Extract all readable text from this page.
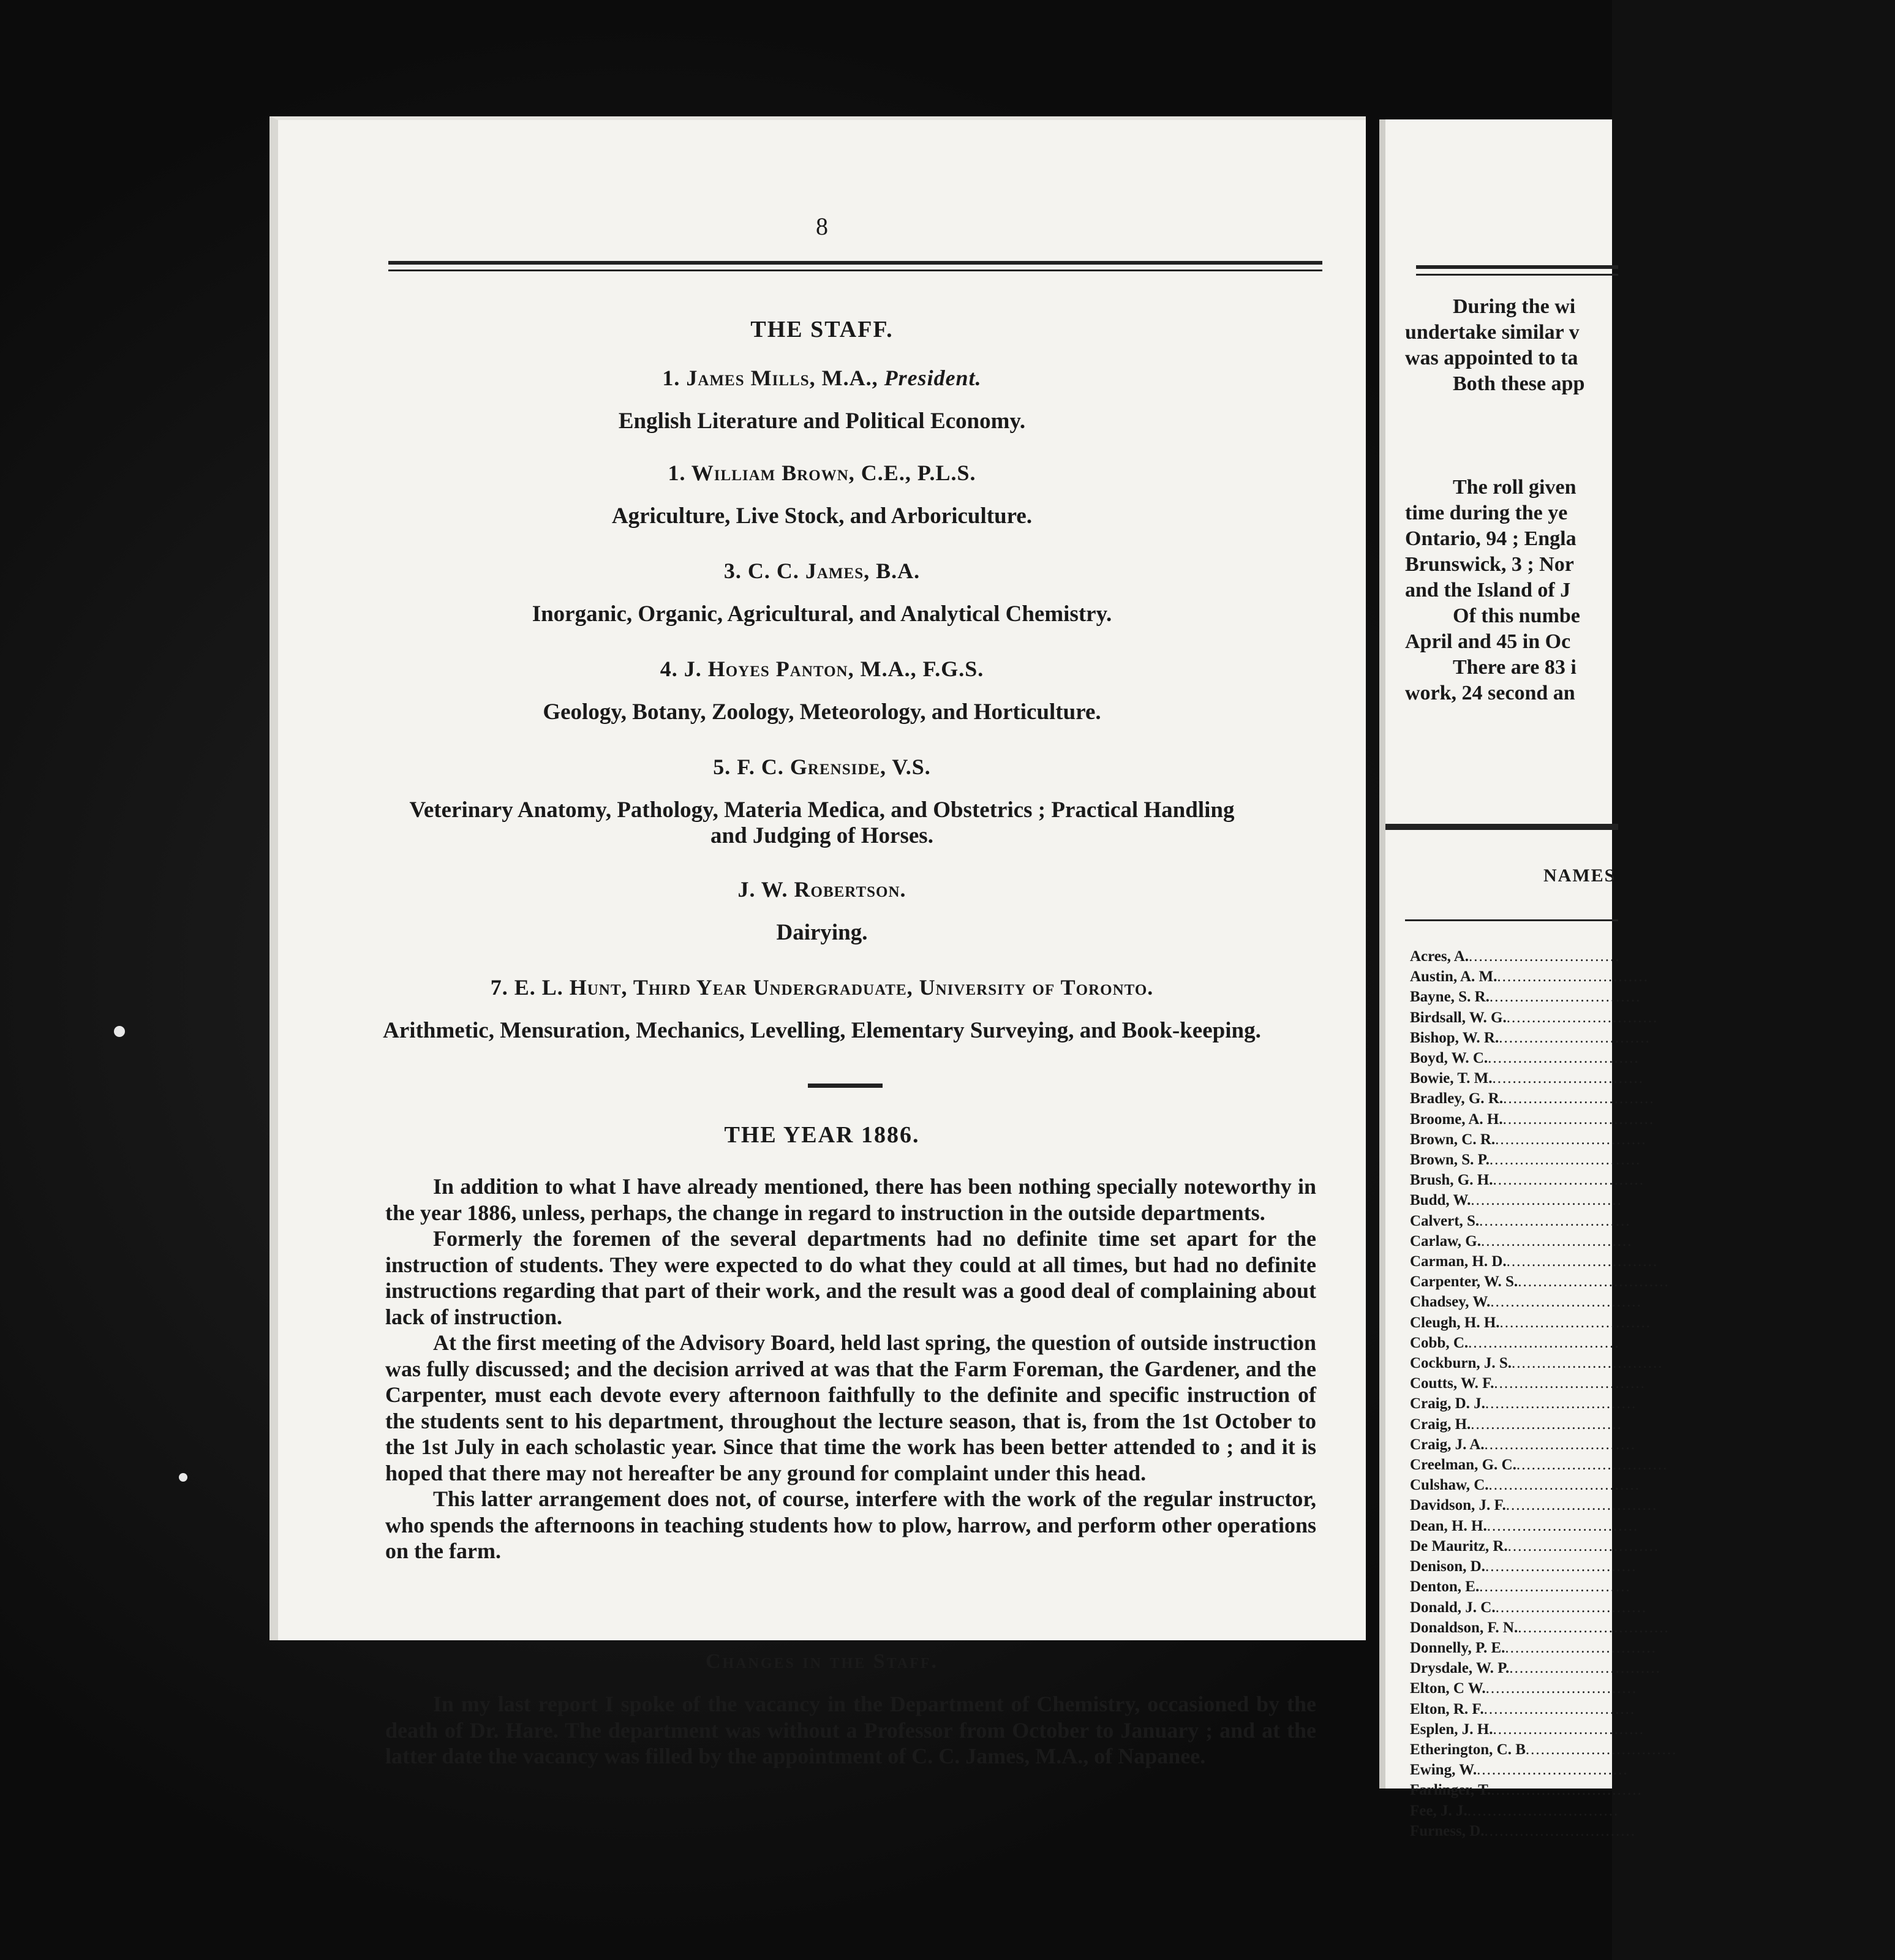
8
THE STAFF.
1. James Mills, M.A., President.
English Literature and Political Economy.
1. William Brown, C.E., P.L.S.
Agriculture, Live Stock, and Arboriculture.
3. C. C. James, B.A.
Inorganic, Organic, Agricultural, and Analytical Chemistry.
4. J. Hoyes Panton, M.A., F.G.S.
Geology, Botany, Zoology, Meteorology, and Horticulture.
5. F. C. Grenside, V.S.
Veterinary Anatomy, Pathology, Materia Medica, and Obstetrics ; Practical Handling
and Judging of Horses.
J. W. Robertson.
Dairying.
7. E. L. Hunt, Third Year Undergraduate, University of Toronto.
Arithmetic, Mensuration, Mechanics, Levelling, Elementary Surveying, and Book-keeping.
THE YEAR 1886.

In addition to what I have already mentioned, there has been nothing specially noteworthy in the year 1886, unless, perhaps, the change in regard to instruction in the outside departments.

Formerly the foremen of the several departments had no definite time set apart for the instruction of students. They were expected to do what they could at all times, but had no definite instructions regarding that part of their work, and the result was a good deal of complaining about lack of instruction.

At the first meeting of the Advisory Board, held last spring, the question of outside instruction was fully discussed; and the decision arrived at was that the Farm Foreman, the Gardener, and the Carpenter, must each devote every afternoon faithfully to the definite and specific instruction of the students sent to his department, throughout the lecture season, that is, from the 1st October to the 1st July in each scholastic year. Since that time the work has been better attended to ; and it is hoped that there may not hereafter be any ground for complaint under this head.

This latter arrangement does not, of course, interfere with the work of the regular instructor, who spends the afternoons in teaching students how to plow, harrow, and perform other operations on the farm.

Changes in the Staff.

In my last report I spoke of the vacancy in the Department of Chemistry, occasioned by the death of Dr. Hare. The department was without a Professor from October to January ; and at the latter date the vacancy was filled by the appointment of C. C. James, M.A., of Napanee.

During the wi

undertake similar v

was appointed to ta

Both these app

The roll given

time during the ye

Ontario, 94 ; Engla

Brunswick, 3 ; Nor

and the Island of J

Of this numbe

April and 45 in Oc

There are 83 i

work, 24 second an

NAMES
Acres, A...............................
Austin, A. M...............................
Bayne, S. R...............................
Birdsall, W. G...............................
Bishop, W. R...............................
Boyd, W. C...............................
Bowie, T. M...............................
Bradley, G. R...............................
Broome, A. H...............................
Brown, C. R...............................
Brown, S. P...............................
Brush, G. H...............................
Budd, W...............................
Calvert, S...............................
Carlaw, G...............................
Carman, H. D...............................
Carpenter, W. S...............................
Chadsey, W...............................
Cleugh, H. H...............................
Cobb, C...............................
Cockburn, J. S...............................
Coutts, W. F...............................
Craig, D. J...............................
Craig, H...............................
Craig, J. A...............................
Creelman, G. C...............................
Culshaw, C...............................
Davidson, J. F...............................
Dean, H. H...............................
De Mauritz, R...............................
Denison, D...............................
Denton, E...............................
Donald, J. C...............................
Donaldson, F. N...............................
Donnelly, P. E...............................
Drysdale, W. P...............................
Elton, C W...............................
Elton, R. F...............................
Esplen, J. H...............................
Etherington, C. B..............................
Ewing, W...............................
Farlinger, T...............................
Fee, J. J...............................
Furness, D...............................
